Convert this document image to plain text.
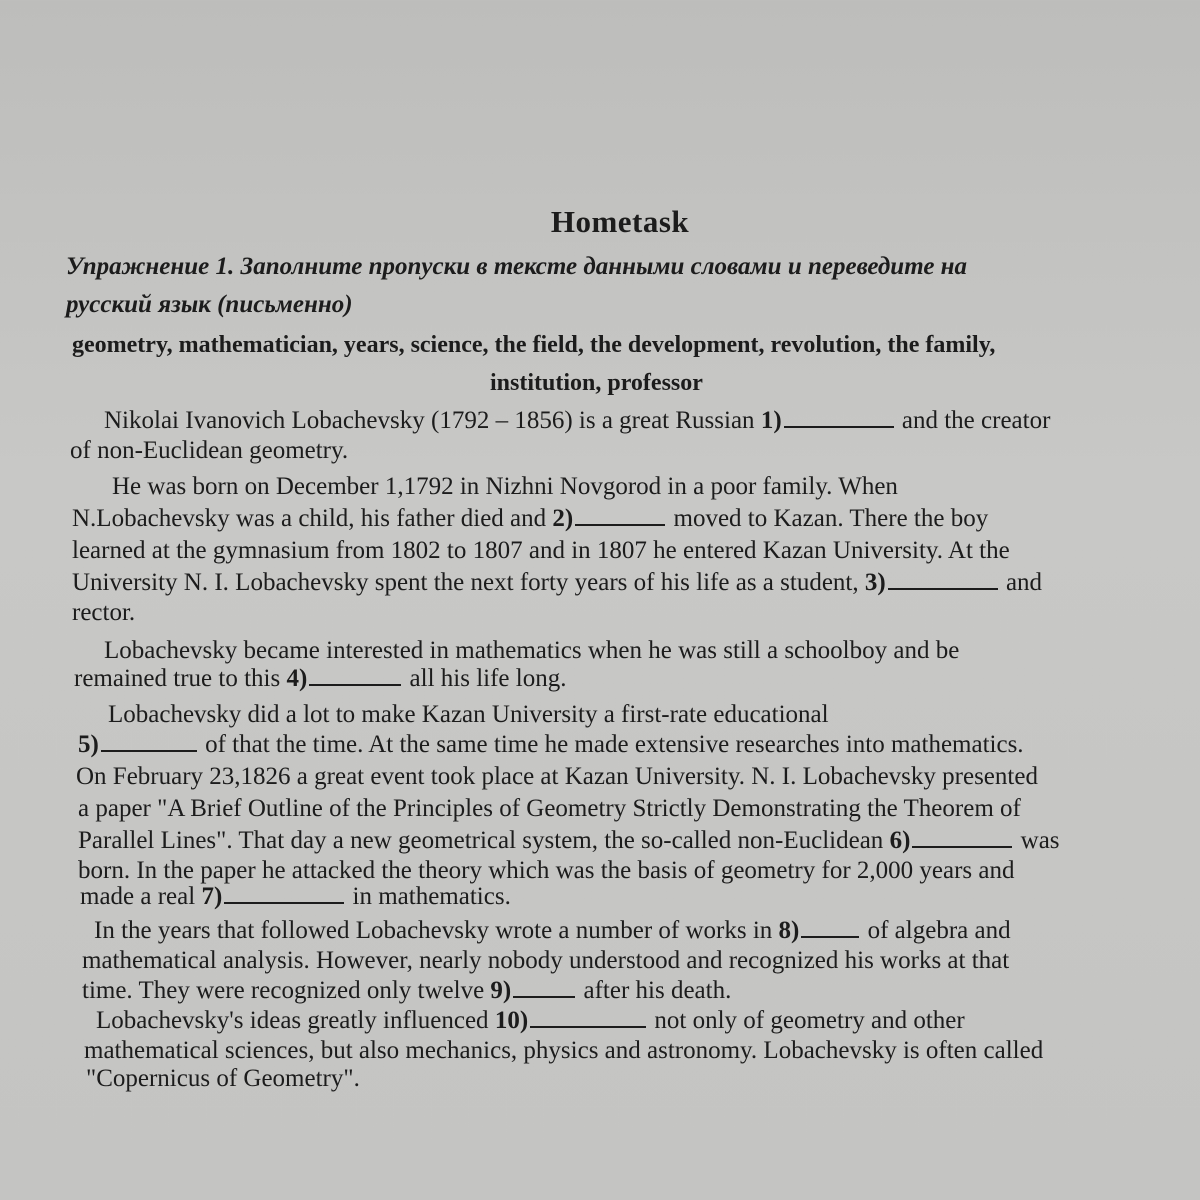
Hometask
Упражнение 1. Заполните пропуски в тексте данными словами и переведите на
русский язык (письменно)
geometry, mathematician, years, science, the field, the development, revolution, the family,
institution, professor
Nikolai Ivanovich Lobachevsky (1792 – 1856) is a great Russian 1)	and the creator
of non-Euclidean geometry.
He was born on December 1,1792 in Nizhni Novgorod in a poor family. When
N.Lobachevsky was a child, his father died and 2)	moved to Kazan. There the boy
learned at the gymnasium from 1802 to 1807 and in 1807 he entered Kazan University. At the
University N. I. Lobachevsky spent the next forty years of his life as a student, 3)	and
rector.
Lobachevsky became interested in mathematics when he was still a schoolboy and be
remained true to this 4)	all his life long.
Lobachevsky did a lot to make Kazan University a first-rate educational
5)	of that the time. At the same time he made extensive researches into mathematics.
On February 23,1826 a great event took place at Kazan University. N. I. Lobachevsky presented
a paper "A Brief Outline of the Principles of Geometry Strictly Demonstrating the Theorem of
Parallel Lines". That day a new geometrical system, the so-called non-Euclidean 6)	was
born. In the paper he attacked the theory which was the basis of geometry for 2,000 years and
made a real 7)	in mathematics.
In the years that followed Lobachevsky wrote a number of works in 8)	of algebra and
mathematical analysis. However, nearly nobody understood and recognized his works at that
time. They were recognized only twelve 9)	after his death.
Lobachevsky's ideas greatly influenced 10)	not only of geometry and other
mathematical sciences, but also mechanics, physics and astronomy. Lobachevsky is often called
"Copernicus of Geometry".
